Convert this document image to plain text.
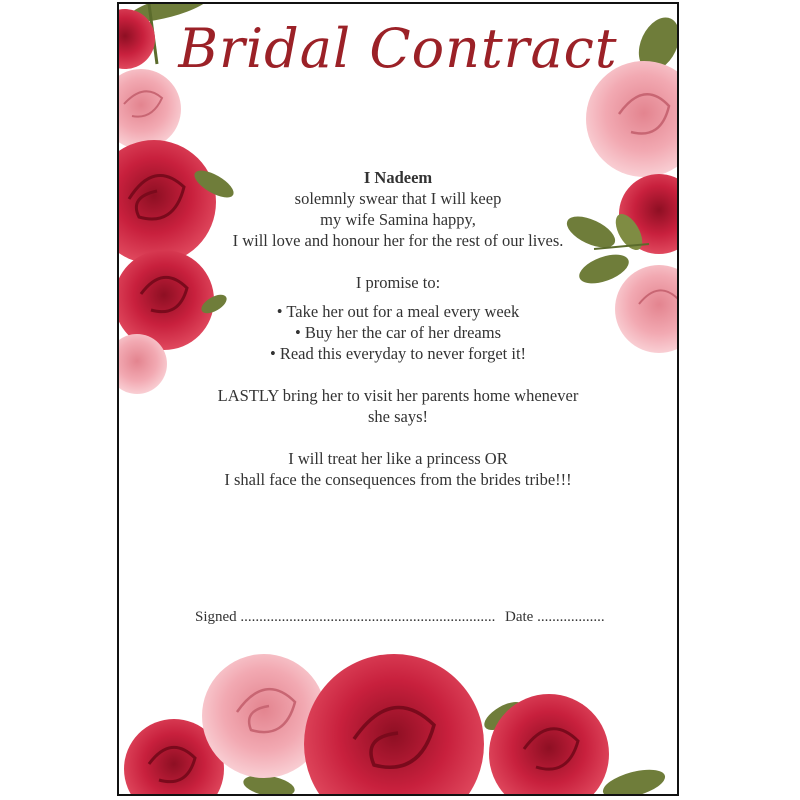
Bridal Contract
I Nadeem
solemnly swear that I will keep
my wife Samina happy,
I will love and honour her for the rest of our lives.
I promise to:
• Take her out for a meal every week
• Buy her the car of her dreams
• Read this everyday to never forget it!
LASTLY bring her to visit her parents home whenever
she says!
I will treat her like a princess OR
I shall face the consequences from the brides tribe!!!
Signed .................................................................... Date ..................
